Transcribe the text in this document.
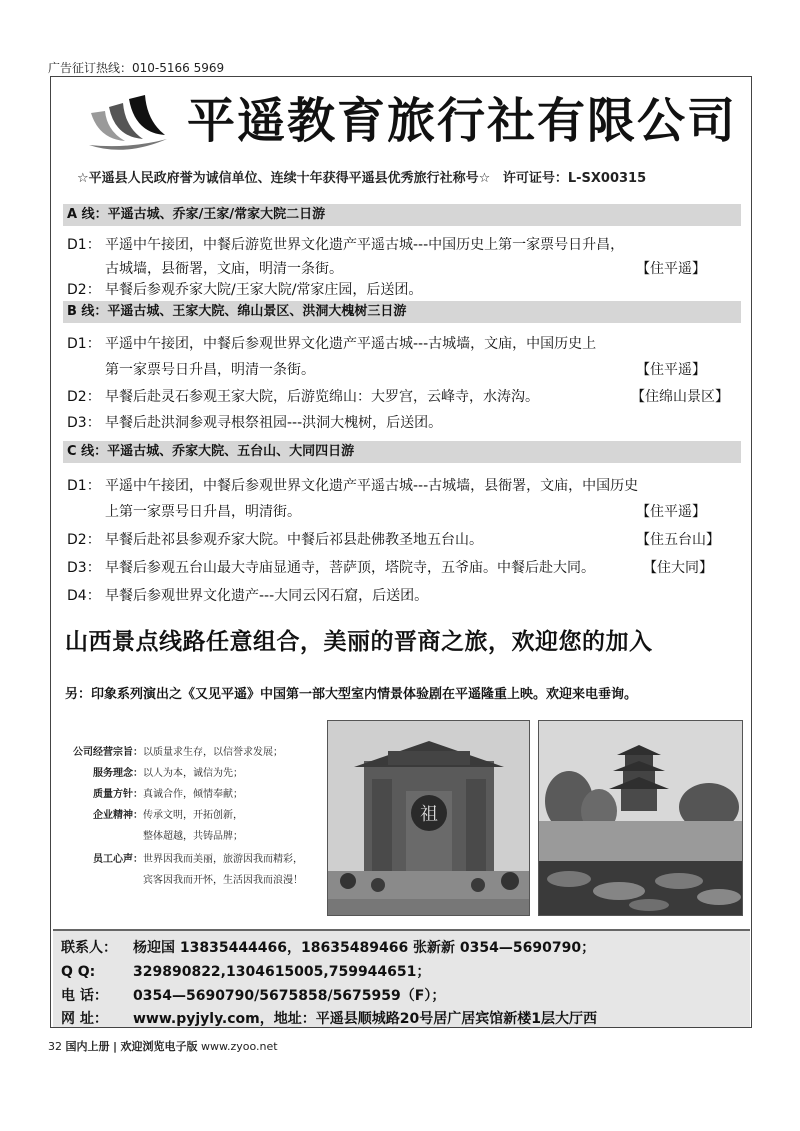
广告征订热线：010-5166 5969
平遥教育旅行社有限公司
☆平遥县人民政府誉为诚信单位、连续十年获得平遥县优秀旅行社称号☆ 许可证号：L-SX00315
A 线：平遥古城、乔家/王家/常家大院二日游
D1： 平遥中午接团，中餐后游览世界文化遗产平遥古城---中国历史上第一家票号日升昌，
古城墙，县衙署，文庙，明清一条街。	【住平遥】
D2： 早餐后参观乔家大院/王家大院/常家庄园，后送团。
B 线：平遥古城、王家大院、绵山景区、洪洞大槐树三日游
D1： 平遥中午接团，中餐后参观世界文化遗产平遥古城---古城墙，文庙，中国历史上
第一家票号日升昌，明清一条街。	【住平遥】
D2： 早餐后赴灵石参观王家大院，后游览绵山：大罗宫，云峰寺，水涛沟。	【住绵山景区】
D3： 早餐后赴洪洞参观寻根祭祖园---洪洞大槐树，后送团。
C 线：平遥古城、乔家大院、五台山、大同四日游
D1： 平遥中午接团，中餐后参观世界文化遗产平遥古城---古城墙，县衙署，文庙，中国历史
上第一家票号日升昌，明清街。	【住平遥】
D2： 早餐后赴祁县参观乔家大院。中餐后祁县赴佛教圣地五台山。	【住五台山】
D3： 早餐后参观五台山最大寺庙显通寺，菩萨顶，塔院寺，五爷庙。中餐后赴大同。	【住大同】
D4： 早餐后参观世界文化遗产---大同云冈石窟，后送团。
山西景点线路任意组合，美丽的晋商之旅，欢迎您的加入
另：印象系列演出之《又见平遥》中国第一部大型室内情景体验剧在平遥隆重上映。欢迎来电垂询。
公司经营宗旨：以质量求生存，以信誉求发展；
服务理念：以人为本，诚信为先；
质量方针：真诚合作，倾情奉献；
企业精神：传承文明，开拓创新，
整体超越，共铸品牌；
员工心声：世界因我而美丽，旅游因我而精彩，
宾客因我而开怀，生活因我而浪漫！
祖
联系人： 杨迎国 13835444466，18635489466 张新新 0354—5690790；
Q Q:	329890822,1304615005,759944651；
电 话： 0354—5690790/5675858/5675959（F）；
网 址： www.pyjyly.com，地址：平遥县顺城路20号居广居宾馆新楼1层大厅西
32 国内上册 | 欢迎浏览电子版 www.zyoo.net
